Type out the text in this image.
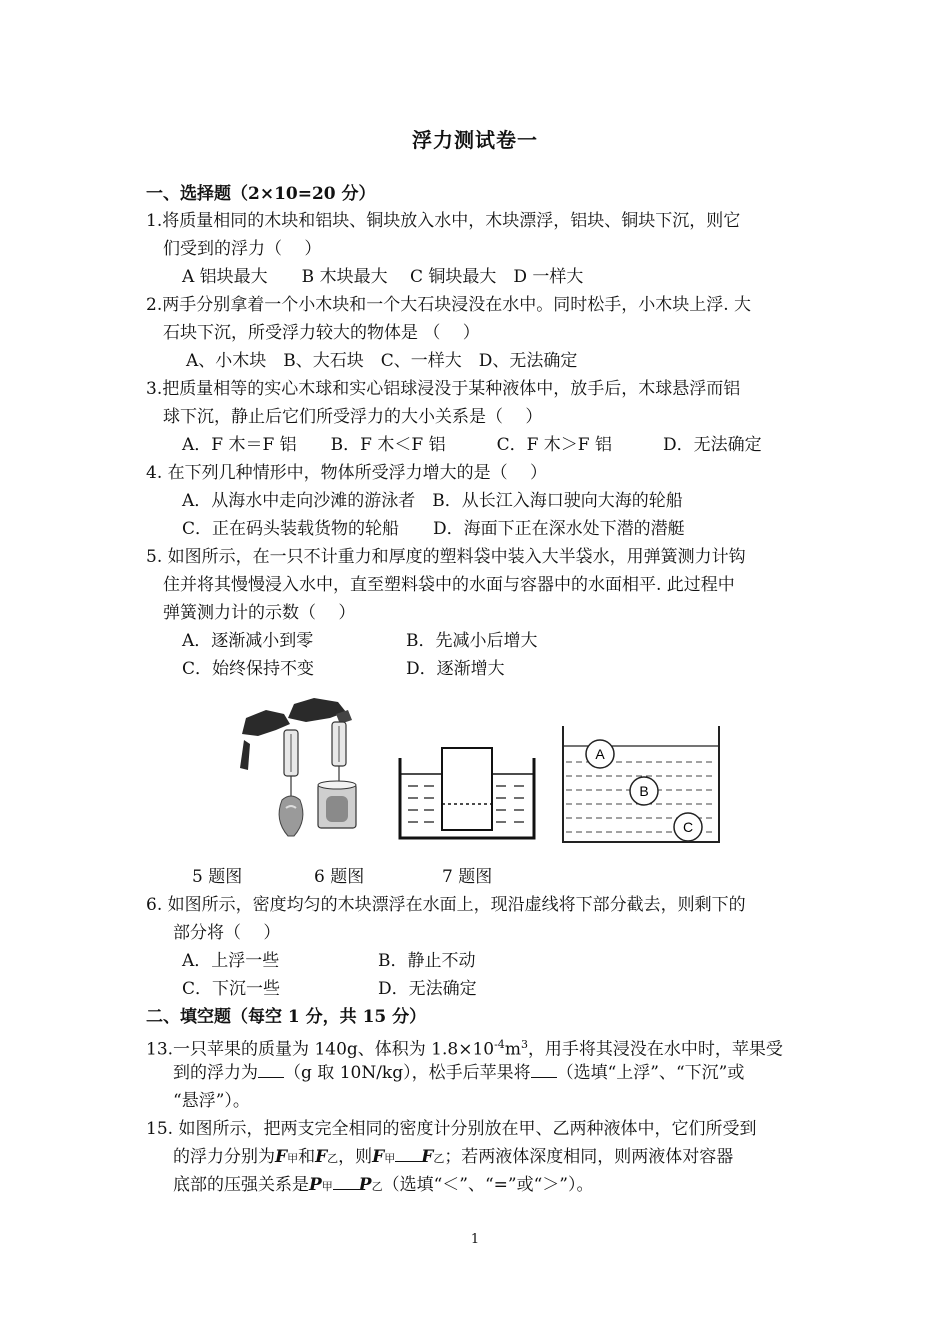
浮力测试卷一
一、选择题（2×10=20 分）
1.将质量相同的木块和铝块、铜块放入水中，木块漂浮，铝块、铜块下沉，则它
们受到的浮力（　 ）
A 铝块最大　　B 木块最大　 C 铜块最大　D 一样大
2.两手分别拿着一个小木块和一个大石块浸没在水中。同时松手，小木块上浮. 大
石块下沉，所受浮力较大的物体是 （　 ）
A、小木块　B、大石块　C、一样大　D、无法确定
3.把质量相等的实心木球和实心铝球浸没于某种液体中，放手后，木球悬浮而铝
球下沉，静止后它们所受浮力的大小关系是（　 ）
A．F 木＝F 铝　　B．F 木＜F 铝　　　C．F 木＞F 铝　　　D．无法确定
4. 在下列几种情形中，物体所受浮力增大的是（　 ）
A．从海水中走向沙滩的游泳者　B．从长江入海口驶向大海的轮船
C．正在码头装载货物的轮船　　D．海面下正在深水处下潜的潜艇
5. 如图所示，在一只不计重力和厚度的塑料袋中装入大半袋水，用弹簧测力计钩
住并将其慢慢浸入水中，直至塑料袋中的水面与容器中的水面相平. 此过程中
弹簧测力计的示数（　 ）
A．逐渐减小到零	B．先减小后增大
C．始终保持不变	D．逐渐增大
A
B
C
5 题图	6 题图	7 题图
6. 如图所示，密度均匀的木块漂浮在水面上，现沿虚线将下部分截去，则剩下的
部分将（　 ）
A．上浮一些	B．静止不动
C．下沉一些	D．无法确定
二、填空题（每空 1 分，共 15 分）
13.一只苹果的质量为 140g、体积为 $1.8\times 10^{-4}m^3$，用手将其浸没在水中时，苹果受
到的浮力为 （g 取 10N/kg），松手后苹果将 （选填“上浮”、“下沉”或
“悬浮”）。
15. 如图所示，把两支完全相同的密度计分别放在甲、乙两种液体中，它们所受到
的浮力分别为F甲和F乙，则F甲 F乙；若两液体深度相同，则两液体对容器
底部的压强关系是P甲 P乙（选填“＜”、“=”或“＞”）。
1
